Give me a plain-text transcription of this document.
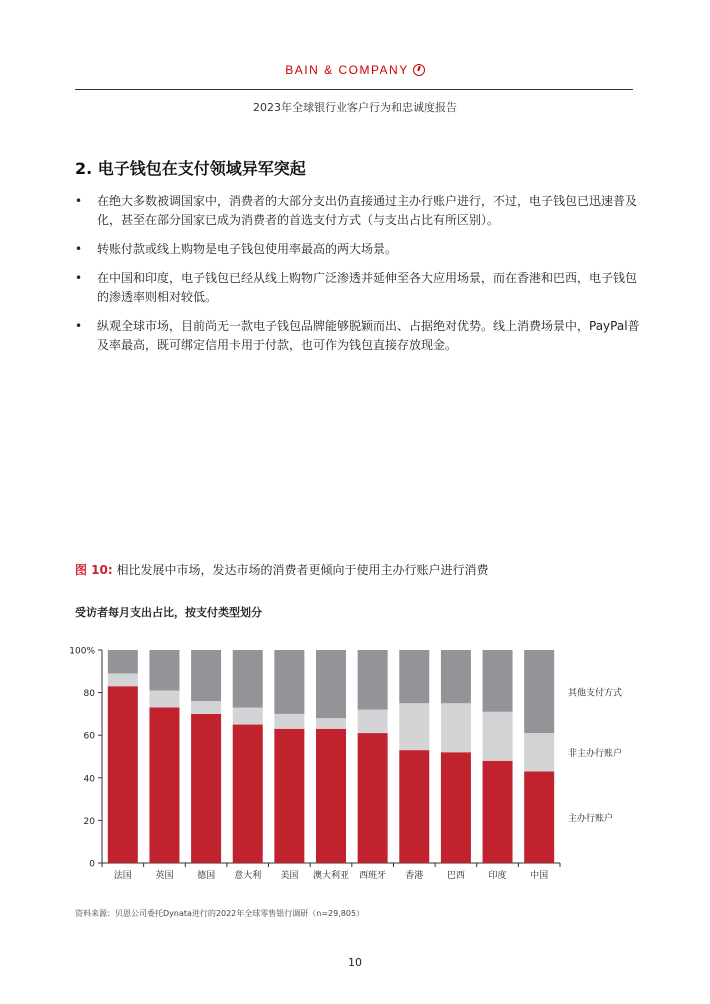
BAIN & COMPANY
2023年全球银行业客户行为和忠诚度报告
2. 电子钱包在支付领域异军突起
• 在绝大多数被调国家中，消费者的大部分支出仍直接通过主办行账户进行，不过，电子钱包已迅速普及化，甚至在部分国家已成为消费者的首选支付方式（与支出占比有所区别）。
• 转账付款或线上购物是电子钱包使用率最高的两大场景。
• 在中国和印度，电子钱包已经从线上购物广泛渗透并延伸至各大应用场景，而在香港和巴西，电子钱包的渗透率则相对较低。
• 纵观全球市场，目前尚无一款电子钱包品牌能够脱颖而出、占据绝对优势。线上消费场景中，PayPal普及率最高，既可绑定信用卡用于付款，也可作为钱包直接存放现金。
图 10: 相比发展中市场，发达市场的消费者更倾向于使用主办行账户进行消费
受访者每月支出占比，按支付类型划分
0
20
40
60
80
100%
法国	英国	德国 意大利 美国 澳大利亚 西班牙 香港	巴西	印度	中国
主办行账户
非主办行账户
其他支付方式
资料来源：贝恩公司委托Dynata进行的2022年全球零售银行调研（n=29,805）
10
